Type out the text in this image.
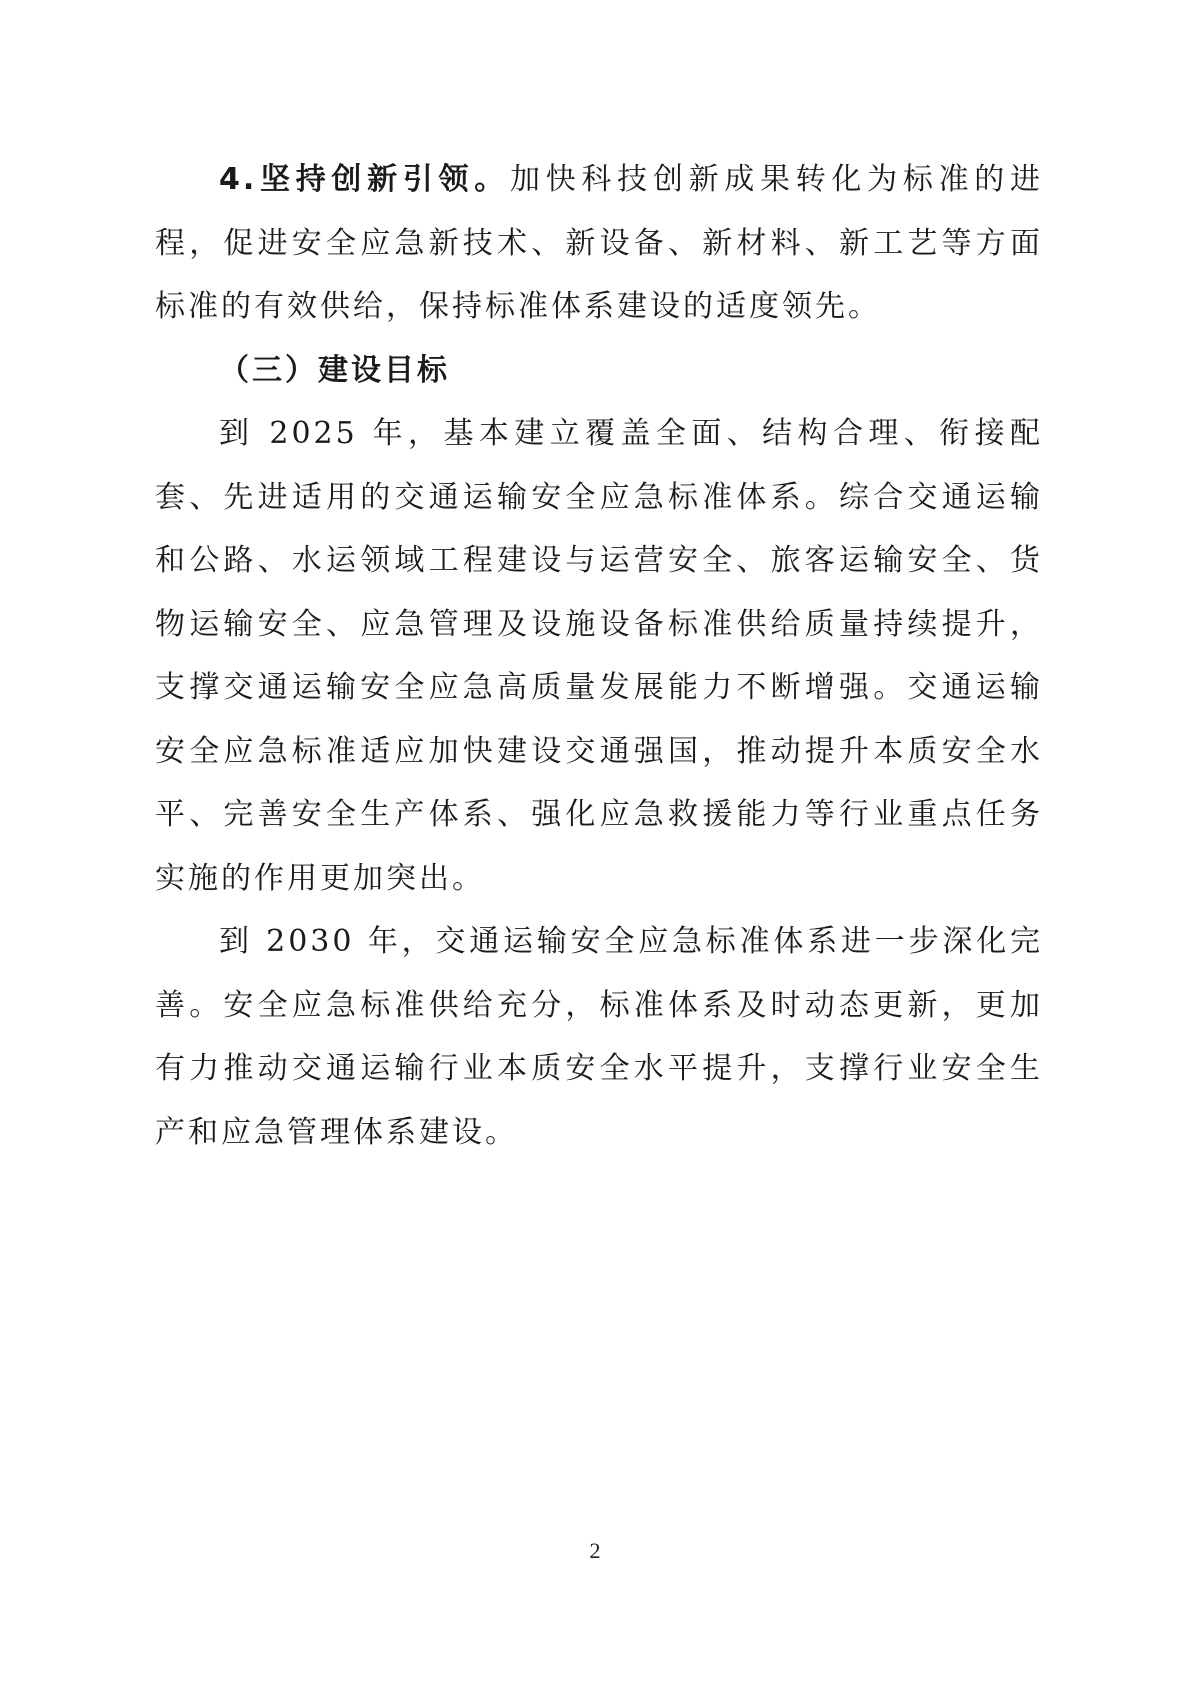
4.坚持创新引领。加快科技创新成果转化为标准的进程，促进安全应急新技术、新设备、新材料、新工艺等方面标准的有效供给，保持标准体系建设的适度领先。

（三）建设目标

到 2025 年，基本建立覆盖全面、结构合理、衔接配套、先进适用的交通运输安全应急标准体系。综合交通运输和公路、水运领域工程建设与运营安全、旅客运输安全、货物运输安全、应急管理及设施设备标准供给质量持续提升，支撑交通运输安全应急高质量发展能力不断增强。交通运输安全应急标准适应加快建设交通强国，推动提升本质安全水平、完善安全生产体系、强化应急救援能力等行业重点任务实施的作用更加突出。

到 2030 年，交通运输安全应急标准体系进一步深化完善。安全应急标准供给充分，标准体系及时动态更新，更加有力推动交通运输行业本质安全水平提升，支撑行业安全生产和应急管理体系建设。

2
